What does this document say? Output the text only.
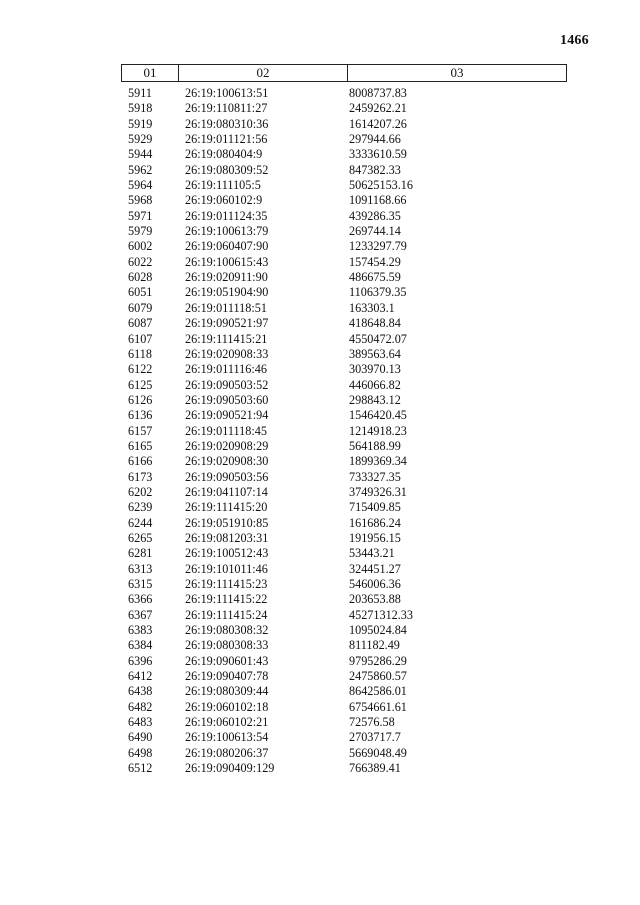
1466
01	02	03
5911	26:19:100613:51	8008737.83
5918	26:19:110811:27	2459262.21
5919	26:19:080310:36	1614207.26
5929	26:19:011121:56	297944.66
5944	26:19:080404:9	3333610.59
5962	26:19:080309:52	847382.33
5964	26:19:111105:5	50625153.16
5968	26:19:060102:9	1091168.66
5971	26:19:011124:35	439286.35
5979	26:19:100613:79	269744.14
6002	26:19:060407:90	1233297.79
6022	26:19:100615:43	157454.29
6028	26:19:020911:90	486675.59
6051	26:19:051904:90	1106379.35
6079	26:19:011118:51	163303.1
6087	26:19:090521:97	418648.84
6107	26:19:111415:21	4550472.07
6118	26:19:020908:33	389563.64
6122	26:19:011116:46	303970.13
6125	26:19:090503:52	446066.82
6126	26:19:090503:60	298843.12
6136	26:19:090521:94	1546420.45
6157	26:19:011118:45	1214918.23
6165	26:19:020908:29	564188.99
6166	26:19:020908:30	1899369.34
6173	26:19:090503:56	733327.35
6202	26:19:041107:14	3749326.31
6239	26:19:111415:20	715409.85
6244	26:19:051910:85	161686.24
6265	26:19:081203:31	191956.15
6281	26:19:100512:43	53443.21
6313	26:19:101011:46	324451.27
6315	26:19:111415:23	546006.36
6366	26:19:111415:22	203653.88
6367	26:19:111415:24	45271312.33
6383	26:19:080308:32	1095024.84
6384	26:19:080308:33	811182.49
6396	26:19:090601:43	9795286.29
6412	26:19:090407:78	2475860.57
6438	26:19:080309:44	8642586.01
6482	26:19:060102:18	6754661.61
6483	26:19:060102:21	72576.58
6490	26:19:100613:54	2703717.7
6498	26:19:080206:37	5669048.49
6512	26:19:090409:129	766389.41
